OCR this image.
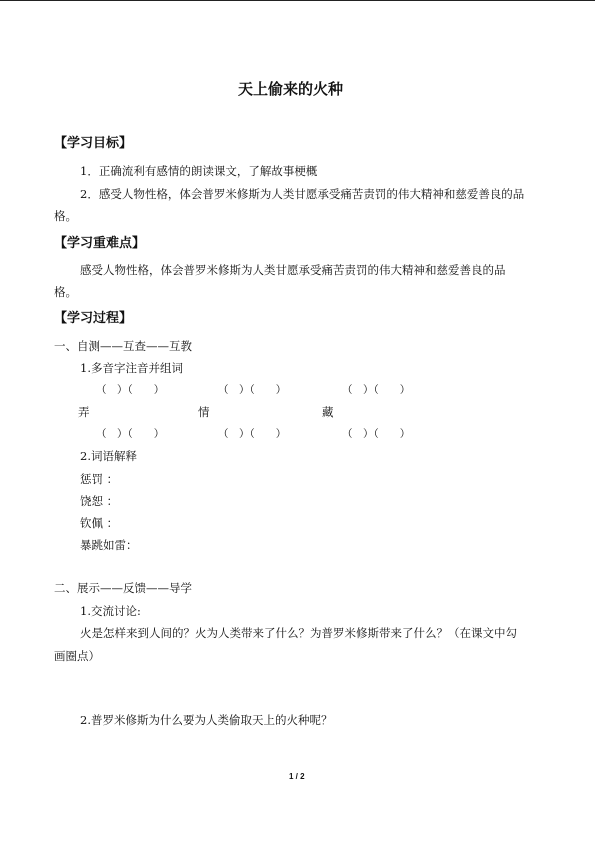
天上偷来的火种
【学习目标】
1．正确流利有感情的朗读课文，了解故事梗概
2．感受人物性格，体会普罗米修斯为人类甘愿承受痛苦责罚的伟大精神和慈爱善良的品
格。
【学习重难点】
感受人物性格，体会普罗米修斯为人类甘愿承受痛苦责罚的伟大精神和慈爱善良的品
格。
【学习过程】
一、自测——互查——互教
1.多音字注音并组词
（　）（　　）	（　）（　　）	（　）（　　）
弄	情	藏
（　）（　　）	（　）（　　）	（　）（　　）
2.词语解释
惩罚 ：
饶恕 ：
钦佩 ：
暴跳如雷：
二、展示——反馈——导学
1.交流讨论:
火是怎样来到人间的？火为人类带来了什么？为普罗米修斯带来了什么？（在课文中勾
画圈点）
2.普罗米修斯为什么要为人类偷取天上的火种呢？
1 / 2
